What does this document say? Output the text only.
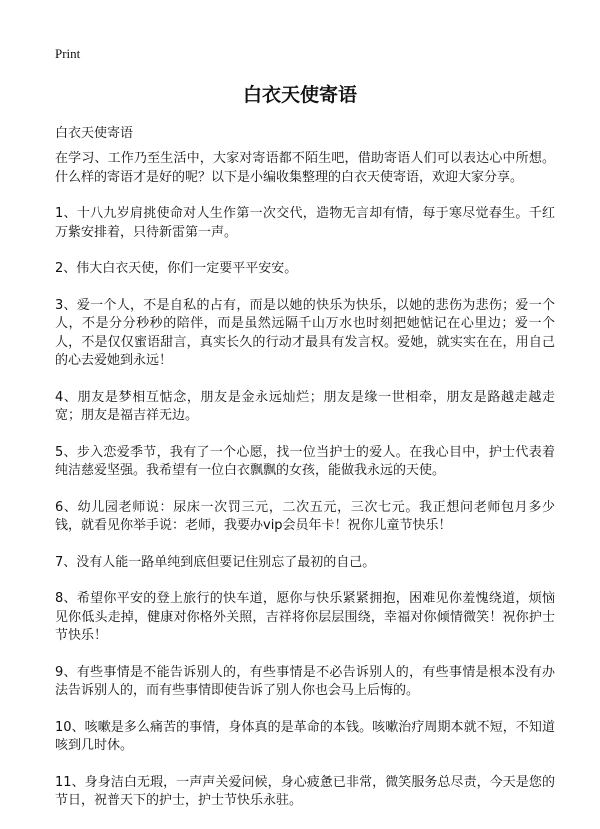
Print
白衣天使寄语

白衣天使寄语

在学习、工作乃至生活中，大家对寄语都不陌生吧，借助寄语人们可以表达心中所想。什么样的寄语才是好的呢？以下是小编收集整理的白衣天使寄语，欢迎大家分享。

1、十八九岁肩挑使命对人生作第一次交代，造物无言却有情，每于寒尽觉春生。千红万紫安排着，只待新雷第一声。

2、伟大白衣天使，你们一定要平平安安。

3、爱一个人，不是自私的占有，而是以她的快乐为快乐，以她的悲伤为悲伤；爱一个人，不是分分秒秒的陪伴，而是虽然远隔千山万水也时刻把她惦记在心里边；爱一个人，不是仅仅蜜语甜言，真实长久的行动才最具有发言权。爱她，就实实在在，用自己的心去爱她到永远！

4、朋友是梦相互惦念，朋友是金永远灿烂；朋友是缘一世相牵，朋友是路越走越走宽；朋友是福吉祥无边。

5、步入恋爱季节，我有了一个心愿，找一位当护士的爱人。在我心目中，护士代表着纯洁慈爱坚强。我希望有一位白衣飘飘的女孩，能做我永远的天使。

6、幼儿园老师说：尿床一次罚三元，二次五元，三次七元。我正想问老师包月多少钱，就看见你举手说：老师，我要办vip会员年卡！祝你儿童节快乐！

7、没有人能一路单纯到底但要记住别忘了最初的自己。

8、希望你平安的登上旅行的快车道，愿你与快乐紧紧拥抱，困难见你羞愧绕道，烦恼见你低头走掉，健康对你格外关照，吉祥将你层层围绕，幸福对你倾情微笑！祝你护士节快乐！

9、有些事情是不能告诉别人的，有些事情是不必告诉别人的，有些事情是根本没有办法告诉别人的，而有些事情即使告诉了别人你也会马上后悔的。

10、咳嗽是多么痛苦的事情，身体真的是革命的本钱。咳嗽治疗周期本就不短，不知道咳到几时休。

11、身身洁白无瑕，一声声关爱问候，身心疲惫已非常，微笑服务总尽责，今天是您的节日，祝普天下的护士，护士节快乐永驻。
